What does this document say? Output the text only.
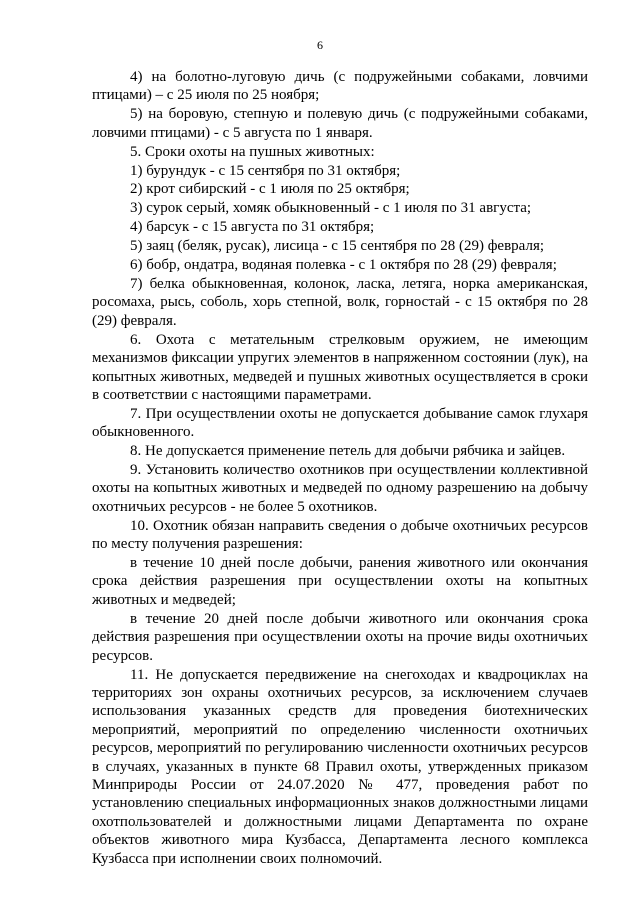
6

4) на болотно-луговую дичь (с подружейными собаками, ловчими птицами) – с 25 июля по 25 ноября;

5) на боровую, степную и полевую дичь (с подружейными собаками, ловчими птицами) - с 5 августа по 1 января.

5. Сроки охоты на пушных животных:

1) бурундук - с 15 сентября по 31 октября;

2) крот сибирский - с 1 июля по 25 октября;

3) сурок серый, хомяк обыкновенный - с 1 июля по 31 августа;

4) барсук - с 15 августа по 31 октября;

5) заяц (беляк, русак), лисица - с 15 сентября по 28 (29) февраля;

6) бобр, ондатра, водяная полевка - с 1 октября по 28 (29) февраля;

7) белка обыкновенная, колонок, ласка, летяга, норка американская, росомаха, рысь, соболь, хорь степной, волк, горностай - с 15 октября по 28 (29) февраля.

6. Охота с метательным стрелковым оружием, не имеющим механизмов фиксации упругих элементов в напряженном состоянии (лук), на копытных животных, медведей и пушных животных осуществляется в сроки в соответствии с настоящими параметрами.

7. При осуществлении охоты не допускается добывание самок глухаря обыкновенного.

8. Не допускается применение петель для добычи рябчика и зайцев.

9. Установить количество охотников при осуществлении коллективной охоты на копытных животных и медведей по одному разрешению на добычу охотничьих ресурсов - не более 5 охотников.

10. Охотник обязан направить сведения о добыче охотничьих ресурсов по месту получения разрешения:

в течение 10 дней после добычи, ранения животного или окончания срока действия разрешения при осуществлении охоты на копытных животных и медведей;

в течение 20 дней после добычи животного или окончания срока действия разрешения при осуществлении охоты на прочие виды охотничьих ресурсов.

11. Не допускается передвижение на снегоходах и квадроциклах на территориях зон охраны охотничьих ресурсов, за исключением случаев использования указанных средств для проведения биотехнических мероприятий, мероприятий по определению численности охотничьих ресурсов, мероприятий по регулированию численности охотничьих ресурсов в случаях, указанных в пункте 68 Правил охоты, утвержденных приказом Минприроды России от 24.07.2020 № 477, проведения работ по установлению специальных информационных знаков должностными лицами охотпользователей и должностными лицами Департамента по охране объектов животного мира Кузбасса, Департамента лесного комплекса Кузбасса при исполнении своих полномочий.
